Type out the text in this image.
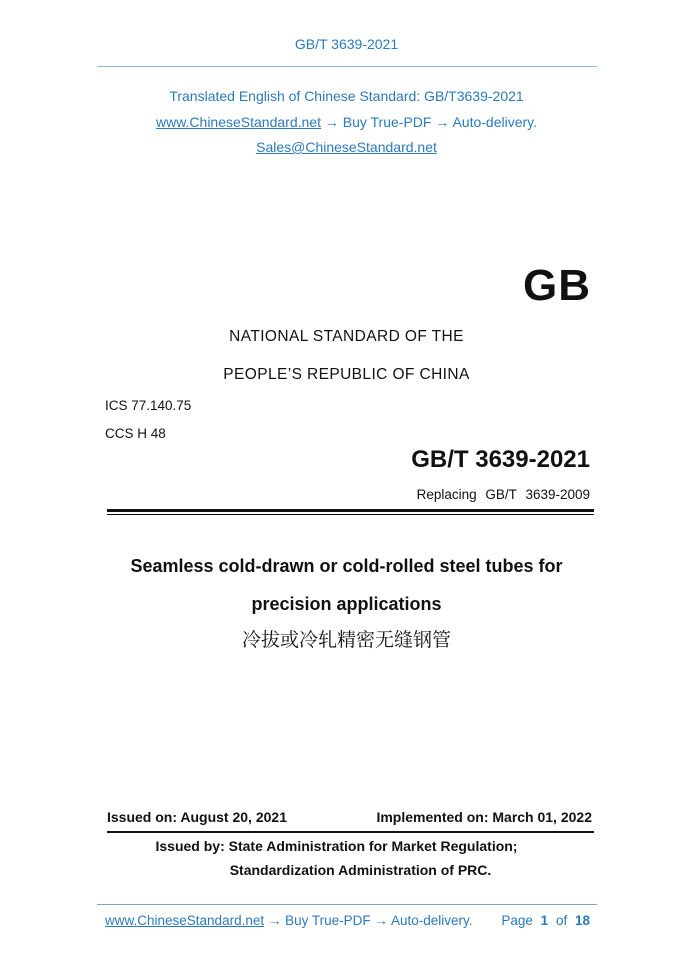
GB/T 3639-2021
Translated English of Chinese Standard: GB/T3639-2021
www.ChineseStandard.net → Buy True-PDF → Auto-delivery.
Sales@ChineseStandard.net
GB
NATIONAL STANDARD OF THE
PEOPLE’S REPUBLIC OF CHINA
ICS 77.140.75
CCS H 48
GB/T 3639-2021
Replacing GB/T 3639-2009
Seamless cold-drawn or cold-rolled steel tubes for
precision applications
冷拔或冷轧精密无缝钢管
Issued on: August 20, 2021	Implemented on: March 01, 2022
Issued by: State Administration for Market Regulation;
Standardization Administration of PRC.
www.ChineseStandard.net → Buy True-PDF → Auto-delivery. Page 1 of 18
